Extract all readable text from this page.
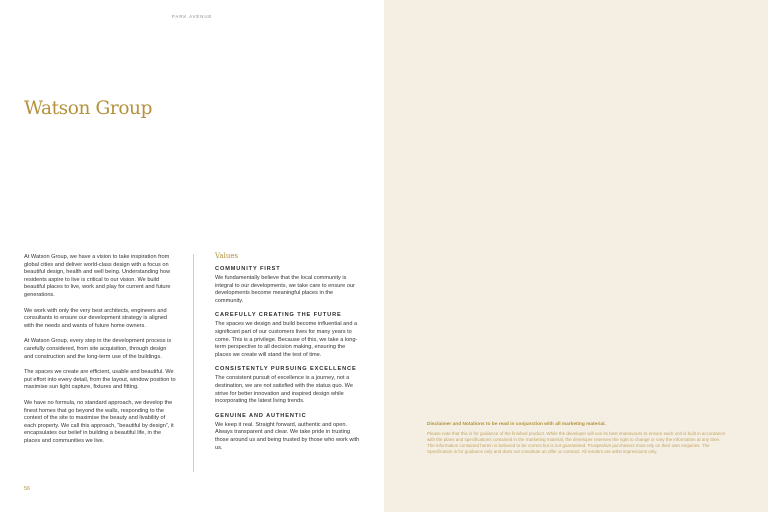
PARK AVENUE
Watson Group

At Watson Group, we have a vision to take inspiration from global cities and deliver world-class design with a focus on beautiful design, health and well being. Understanding how residents aspire to live is critical to our vision. We build beautiful places to live, work and play for current and future generations.

We work with only the very best architects, engineers and consultants to ensure our development strategy is aligned with the needs and wants of future home owners.

At Watson Group, every step in the development process is carefully considered, from site acquisition, through design and construction and the long-term use of the buildings.

The spaces we create are efficient, usable and beautiful. We put effort into every detail, from the layout, window position to maximise sun light capture, fixtures and fitting.

We have no formula, no standard approach, we develop the finest homes that go beyond the walls, responding to the context of the site to maximise the beauty and livability of each property. We call this approach, “beautiful by design”, it encapsulates our belief in building a beautiful life, in the places and communities we live.

Values
COMMUNITY FIRST

We fundamentally believe that the local community is integral to our developments, we take care to ensure our developments become meaningful places in the community.

CAREFULLY CREATING THE FUTURE

The spaces we design and build become influential and a significant part of our customers lives for many years to come. This is a privilege. Because of this, we take a long-term perspective to all decision making, ensuring the places we create will stand the test of time.

CONSISTENTLY PURSUING EXCELLENCE

The consistent pursuit of excellence is a journey, not a destination, we are not satisfied with the status quo. We strive for better innovation and inspired design while incorporating the latest living trends.

GENUINE AND AUTHENTIC

We keep it real. Straight forward, authentic and open. Always transparent and clear. We take pride in trusting those around us and being trusted by those who work with us.

56

Disclaimer and Notations to be read in conjunction with all marketing material.

Please note that this is for guidance of the finished product. While the developer will use its best endeavours to ensure each unit is built in accordance with the plans and specifications contained in the marketing material, the developer reserves the right to change or vary the information at any time. The information contained herein is believed to be correct but is not guaranteed. Prospective purchasers must rely on their own enquiries. The Specification is for guidance only and does not constitute an offer or contract. All renders are artist impressions only.
